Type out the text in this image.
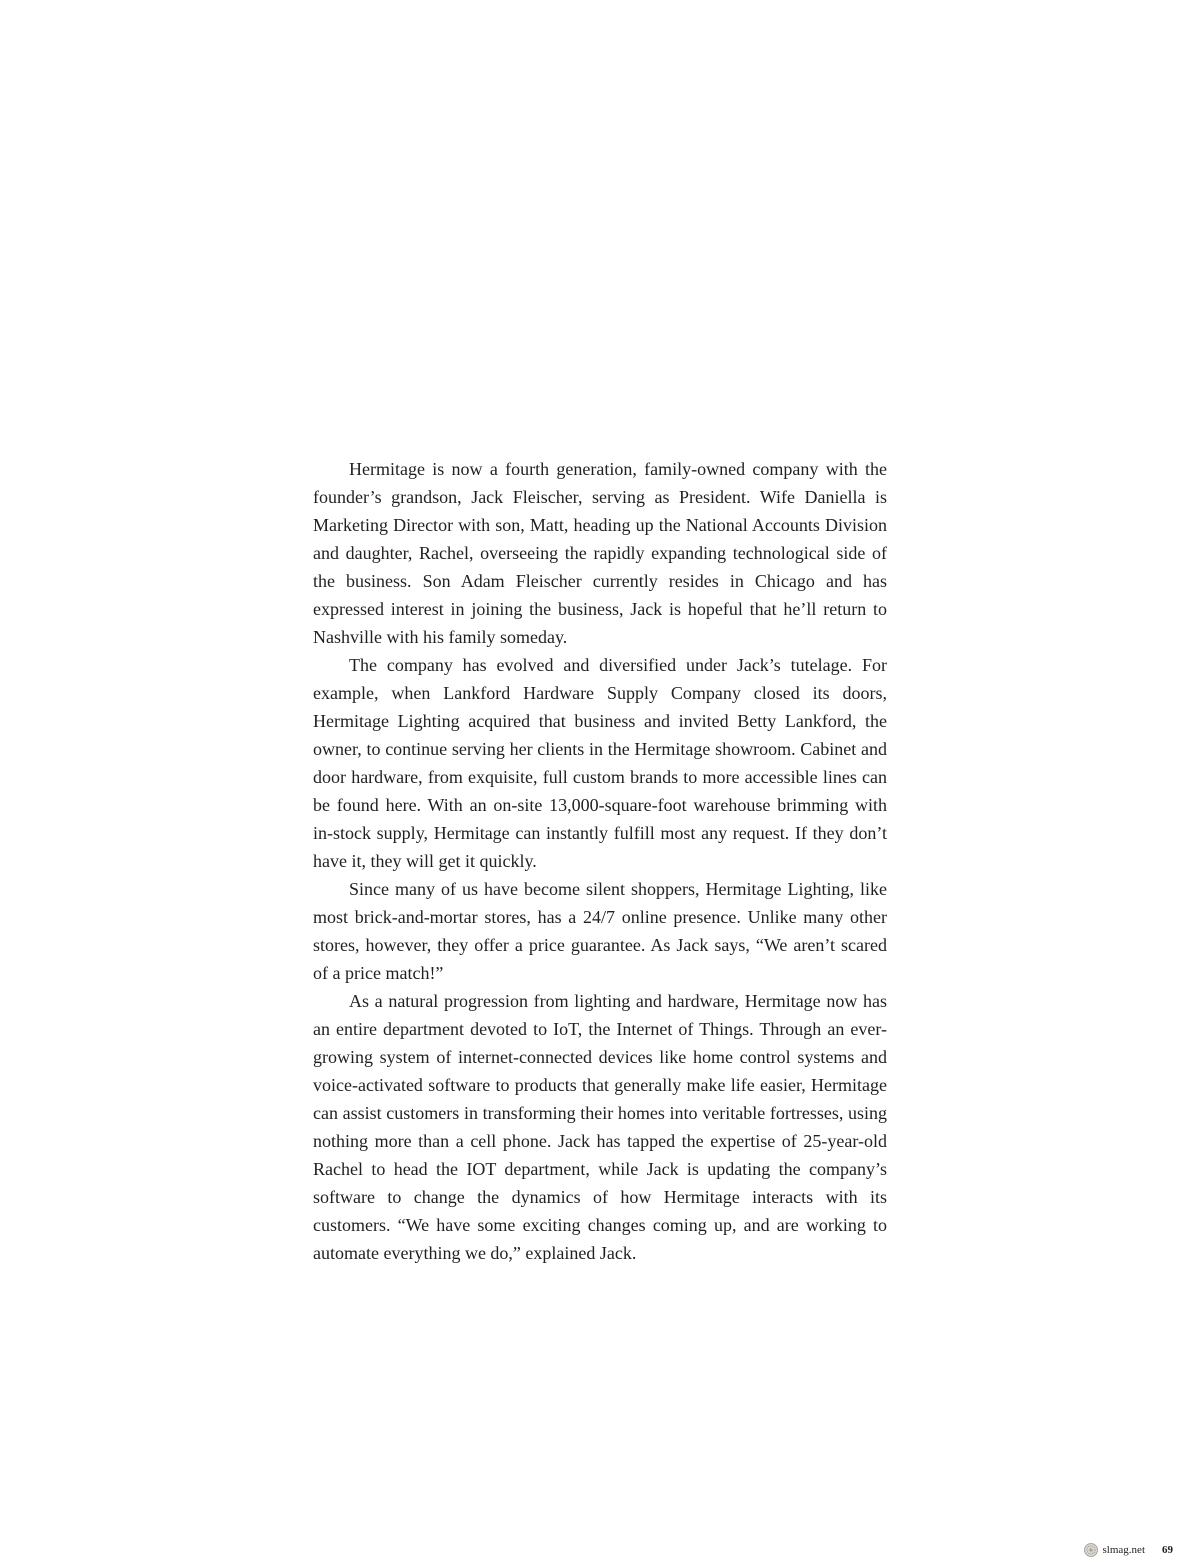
Hermitage is now a fourth generation, family-owned company with the founder’s grandson, Jack Fleischer, serving as President. Wife Daniella is Marketing Director with son, Matt, heading up the National Accounts Division and daughter, Rachel, overseeing the rapidly expanding technological side of the business. Son Adam Fleischer currently resides in Chicago and has expressed interest in joining the business, Jack is hopeful that he’ll return to Nashville with his family someday.

The company has evolved and diversified under Jack’s tutelage. For example, when Lankford Hardware Supply Company closed its doors, Hermitage Lighting acquired that business and invited Betty Lankford, the owner, to continue serving her clients in the Hermitage showroom. Cabinet and door hardware, from exquisite, full custom brands to more accessible lines can be found here. With an on-site 13,000-square-foot warehouse brimming with in-stock supply, Hermitage can instantly fulfill most any request. If they don’t have it, they will get it quickly.

Since many of us have become silent shoppers, Hermitage Lighting, like most brick-and-mortar stores, has a 24/7 online presence. Unlike many other stores, however, they offer a price guarantee. As Jack says, “We aren’t scared of a price match!”

As a natural progression from lighting and hardware, Hermitage now has an entire department devoted to IoT, the Internet of Things. Through an ever-growing system of internet-connected devices like home control systems and voice-activated software to products that generally make life easier, Hermitage can assist customers in transforming their homes into veritable fortresses, using nothing more than a cell phone. Jack has tapped the expertise of 25-year-old Rachel to head the IOT department, while Jack is updating the company’s software to change the dynamics of how Hermitage interacts with its customers. “We have some exciting changes coming up, and are working to automate everything we do,” explained Jack.

slmag.net 69
